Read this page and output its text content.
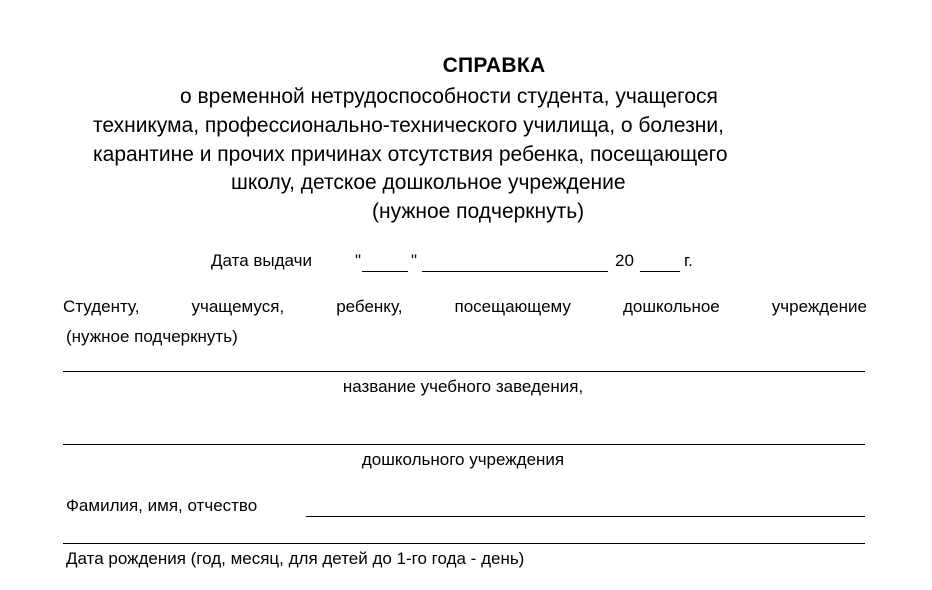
СПРАВКА
о временной нетрудоспособности студента, учащегося
техникума, профессионально-технического училища, о болезни,
карантине и прочих причинах отсутствия ребенка, посещающего
школу, детское дошкольное учреждение
(нужное подчеркнуть)
Дата выдачи	"	"	20	г.
Студенту,	учащемуся,	ребенку,	посещающему	дошкольное	учреждение
(нужное подчеркнуть)
название учебного заведения,
дошкольного учреждения
Фамилия, имя, отчество
Дата рождения (год, месяц, для детей до 1-го года - день)
